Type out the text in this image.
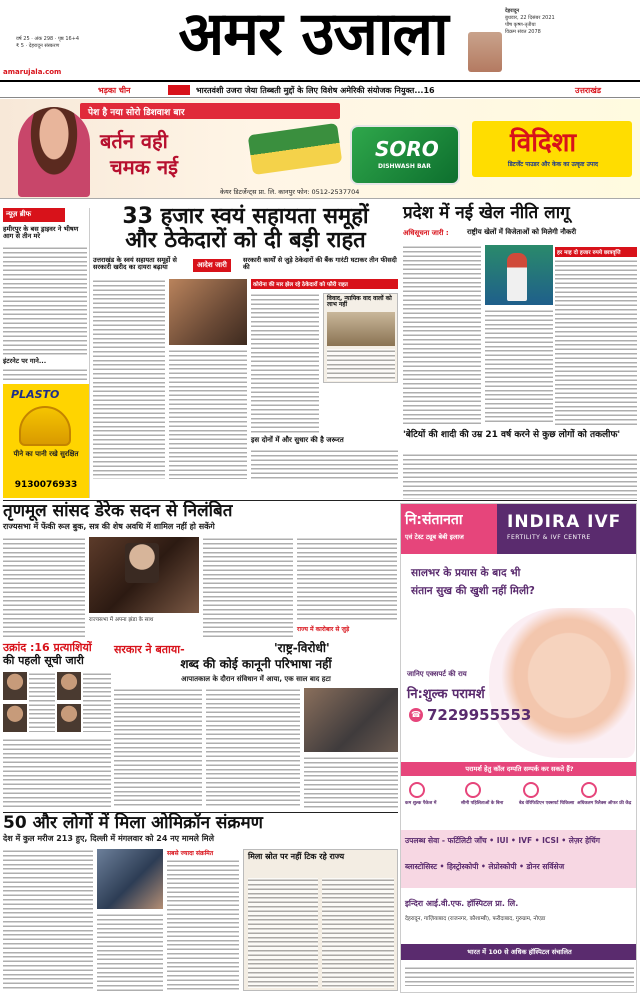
वर्ष 25 · अंक 298 · पृष्ठ 16+4
₹ 5 · देहरादून संस्करण	अमर उजाला	देहरादून
बुधवार, 22 दिसंबर 2021
पौष कृष्ण-तृतीया
विक्रम संवत 2078
amarujala.com
भड़का चीन	भारतवंशी उजरा जेया तिब्बती मुद्दों के लिए विशेष अमेरिकी संयोजक नियुक्त...16	उत्तराखंड
पेश है नया सोरो डिशवाश बार
बर्तन वही
चमक नई
SORO
DISHWASH BAR
विदिशा
डिटर्जेंट पाउडर और केक का उत्कृष्ट उपाद
केयर डिटर्जेन्ट्स प्रा. लि. कानपुर फोन: 0512-2537704
न्यूज़ ब्रीफ
हमीरपुर के बस ड्राइवर ने भीषण आग से तीन मरे
इंटरनेट पर गाने...
PLASTO
पीने का पानी रखे सुरक्षित
9130076933
33 हजार स्वयं सहायता समूहों
और ठेकेदारों को दी बड़ी राहत
उत्तराखंड के स्वयं सहायता समूहों से सरकारी खरीद का दायरा बढ़ाया	आदेश जारी
सरकारी कार्यों से जुड़े ठेकेदारों की बैंक गारंटी घटाकर तीन फीसदी की
कोरोना की मार झेल रहे ठेकेदारों को फौरी राहत
विवाद, न्यायिक वाद वालों को लाभ नहीं
इस दोनों में और सुधार की है जरूरत
प्रदेश में नई खेल नीति लागू
अधिसूचना जारी :	राष्ट्रीय खेलों में विजेताओं को मिलेगी नौकरी
हर माह दो हजार रुपये छात्रवृत्ति
'बेटियों की शादी की उम्र 21 वर्ष करने से कुछ लोगों को तकलीफ'
तृणमूल सांसद डेरेक सदन से निलंबित
राज्यसभा में फेंकी रूल बुक, सत्र की शेष अवधि में शामिल नहीं हो सकेंगे
राज्यसभा में अपना झंडा के साथ
राज्य में कारोबार से जुड़े
उक्रांद :16 प्रत्याशियों
की पहली सूची जारी
सरकार ने बताया-	'राष्ट्र-विरोधी'
शब्द की कोई कानूनी परिभाषा नहीं
आपातकाल के दौरान संविधान में आया, एक साल बाद हटा
50 और लोगों में मिला ओमिक्रॉन संक्रमण
देश में कुल मरीज 213 हुए, दिल्ली में मंगलवार को 24 नए मामले मिले
सबसे ज्यादा संक्रमित	मिला स्रोत पर नहीं टिक रहे राज्य
नि:संतानता
एवं टेस्ट ट्यूब बेबी इलाज
INDIRA IVF
FERTILITY & IVF CENTRE
सालभर के प्रयास के बाद भी
संतान सुख की खुशी नहीं मिली?
जानिए एक्सपर्ट की राय
नि:शुल्क परामर्श
☎ 7229955553
परामर्श हेतु कॉल दम्पति सम्पर्क कर सकते हैं?
कम शुल्क पैकेज में	सीमी पहिलिताओं के बिना	बेड वेरिफिटिएन एक्सपर्ट चिकित्सा अधिकतम रिलैक्स ऑफर फ्री केंद्र
उपलब्ध सेवा - फर्टिलिटी जाँच • IUI • IVF • ICSI • लेज़र हेचिंग
ब्लास्टोसिस्ट • हिस्ट्रोस्कोपी • लेप्रोस्कोपी • डोनर सर्विसेज
इन्दिरा आई.वी.एफ. हॉस्पिटल प्रा. लि.
देहरादून, गाज़ियाबाद (राजनगर, कौशाम्बी), फरीदाबाद, गुरुग्राम, नोएडा
भारत में 100 से अधिक हॉस्पिटल संचालित
